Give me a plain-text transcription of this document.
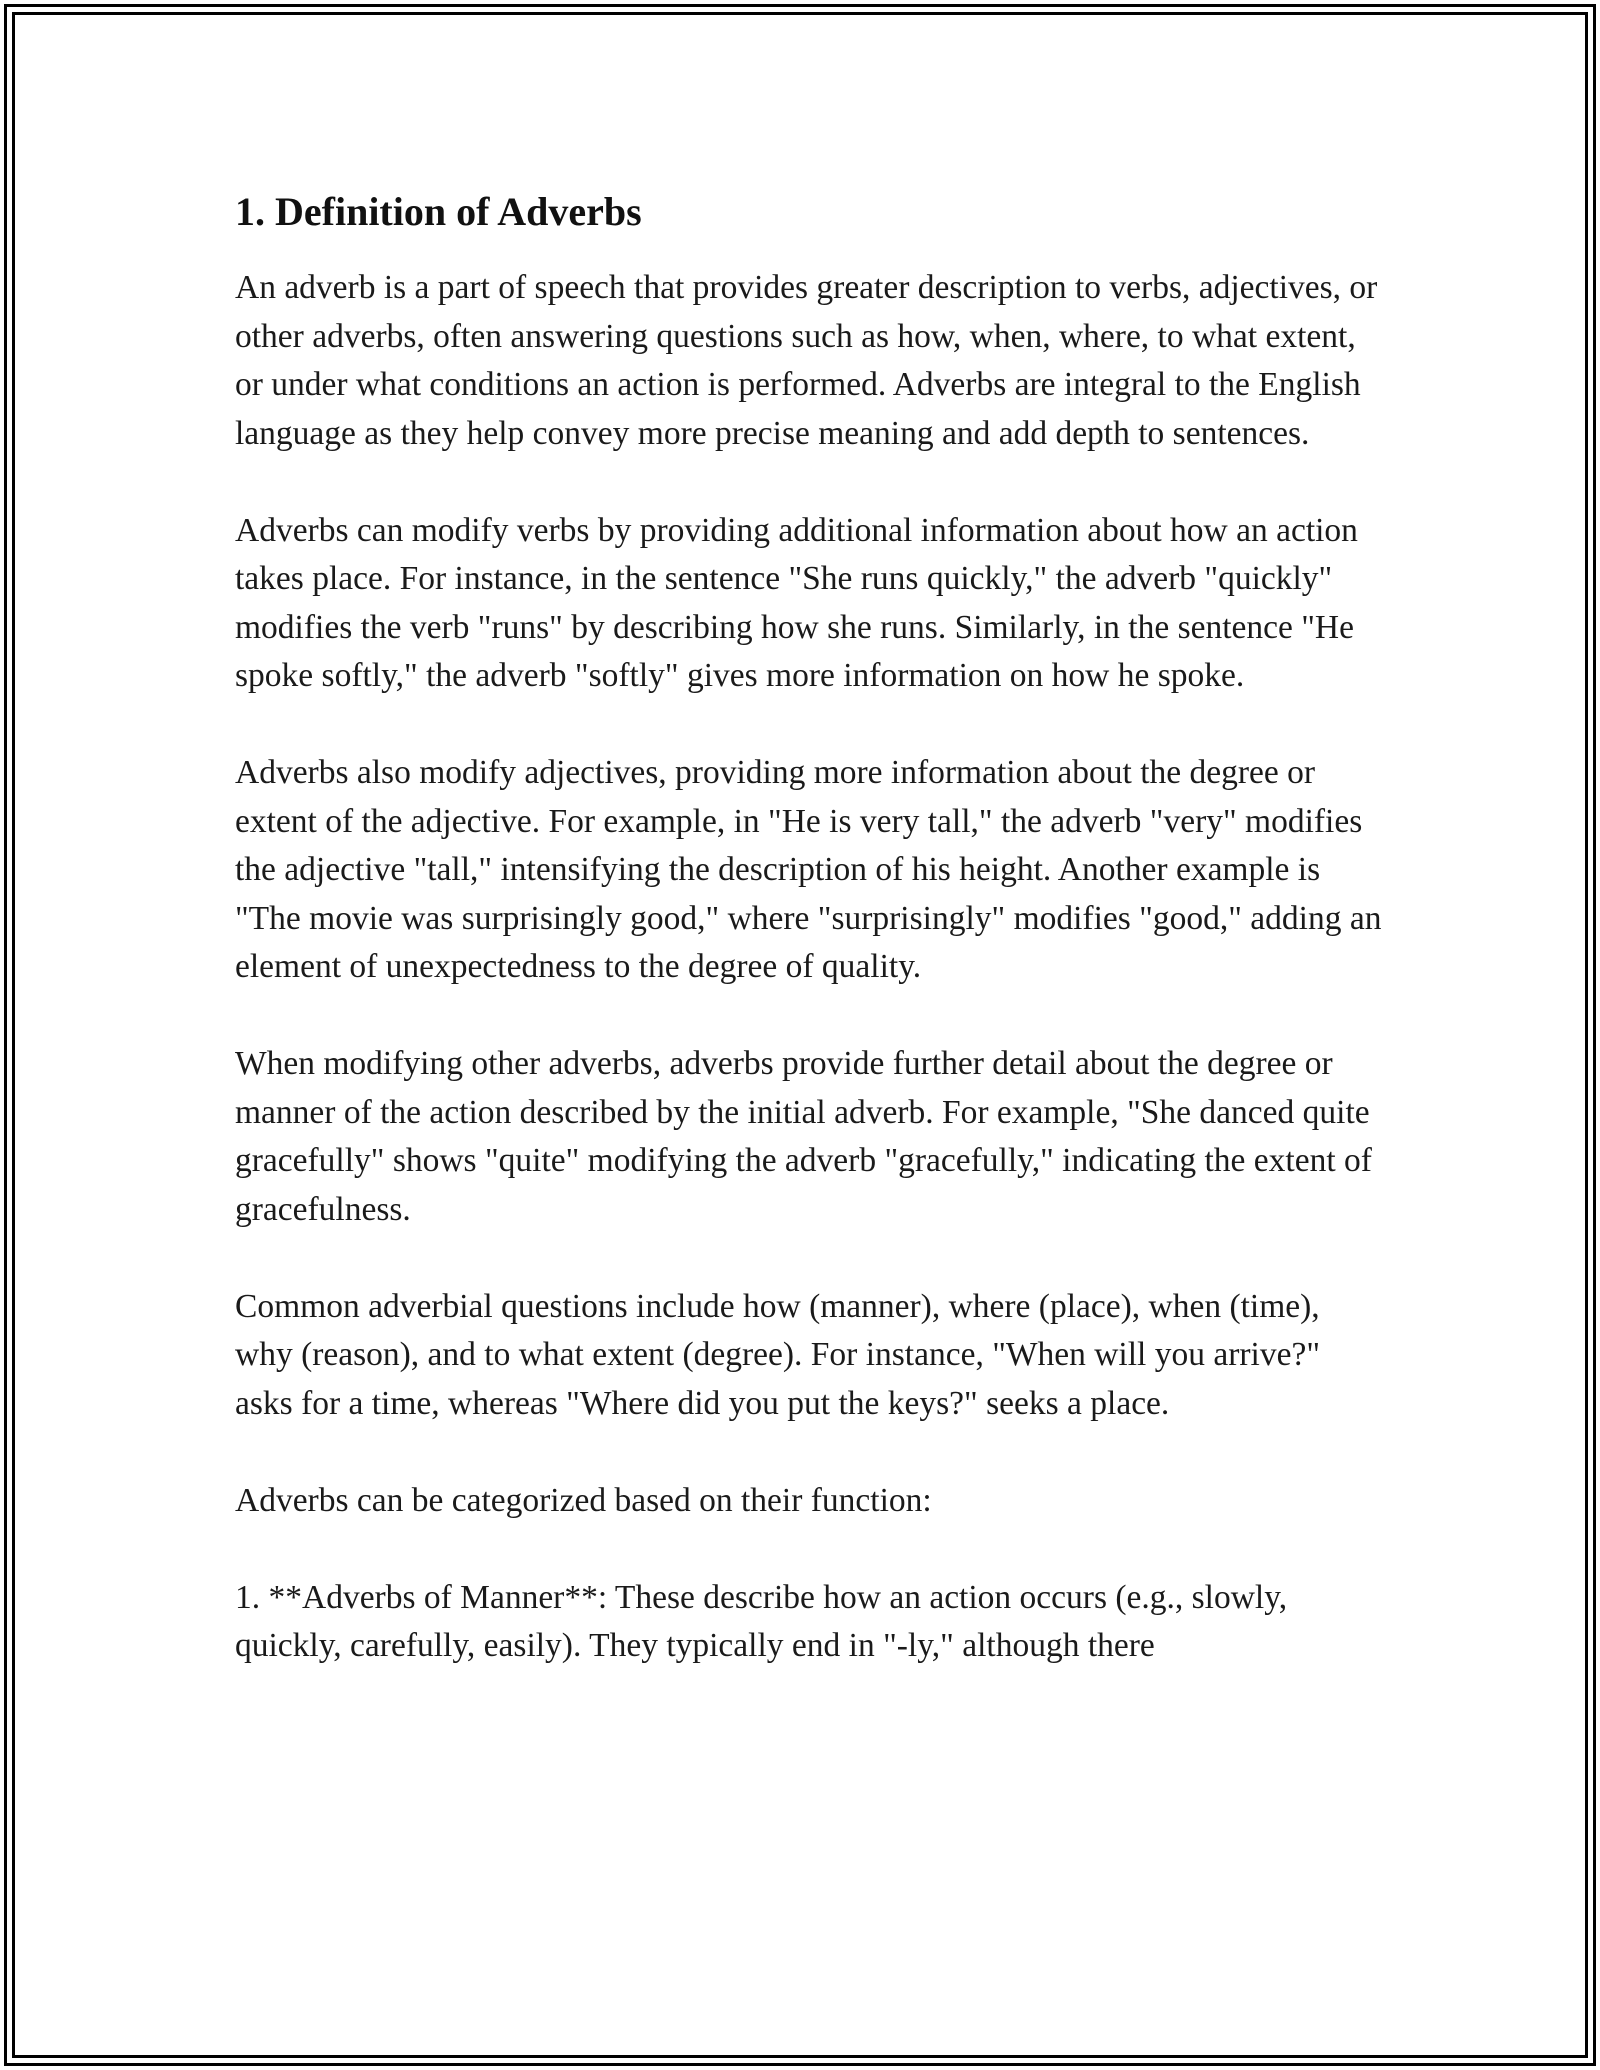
1. Definition of Adverbs

An adverb is a part of speech that provides greater description to verbs, adjectives, or other adverbs, often answering questions such as how, when, where, to what extent, or under what conditions an action is performed. Adverbs are integral to the English language as they help convey more precise meaning and add depth to sentences.

Adverbs can modify verbs by providing additional information about how an action takes place. For instance, in the sentence "She runs quickly," the adverb "quickly" modifies the verb "runs" by describing how she runs. Similarly, in the sentence "He spoke softly," the adverb "softly" gives more information on how he spoke.

Adverbs also modify adjectives, providing more information about the degree or extent of the adjective. For example, in "He is very tall," the adverb "very" modifies the adjective "tall," intensifying the description of his height. Another example is "The movie was surprisingly good," where "surprisingly" modifies "good," adding an element of unexpectedness to the degree of quality.

When modifying other adverbs, adverbs provide further detail about the degree or manner of the action described by the initial adverb. For example, "She danced quite gracefully" shows "quite" modifying the adverb "gracefully," indicating the extent of gracefulness.

Common adverbial questions include how (manner), where (place), when (time), why (reason), and to what extent (degree). For instance, "When will you arrive?" asks for a time, whereas "Where did you put the keys?" seeks a place.

Adverbs can be categorized based on their function:

1. **Adverbs of Manner**: These describe how an action occurs (e.g., slowly, quickly, carefully, easily). They typically end in "-ly," although there
